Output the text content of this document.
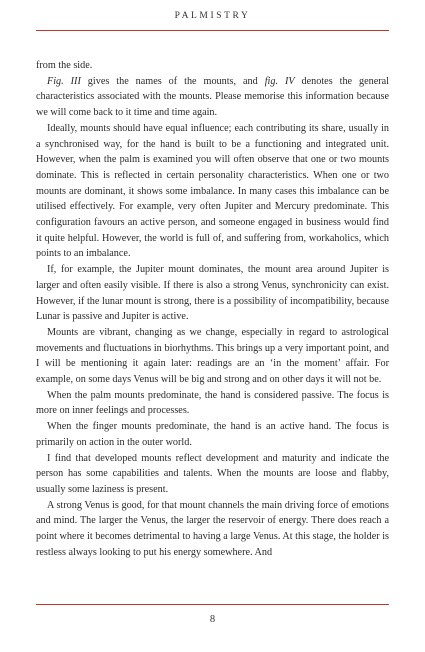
PALMISTRY

from the side.

Fig. III gives the names of the mounts, and fig. IV denotes the general characteristics associated with the mounts. Please memorise this information because we will come back to it time and time again.

Ideally, mounts should have equal influence; each contributing its share, usually in a synchronised way, for the hand is built to be a functioning and integrated unit. However, when the palm is examined you will often observe that one or two mounts dominate. This is reflected in certain personality characteristics. When one or two mounts are dominant, it shows some imbalance. In many cases this imbalance can be utilised effectively. For example, very often Jupiter and Mercury predominate. This configuration favours an active person, and someone engaged in business would find it quite helpful. However, the world is full of, and suffering from, workaholics, which points to an imbalance.

If, for example, the Jupiter mount dominates, the mount area around Jupiter is larger and often easily visible. If there is also a strong Venus, synchronicity can exist. However, if the lunar mount is strong, there is a possibility of incompatibility, because Lunar is passive and Jupiter is active.

Mounts are vibrant, changing as we change, especially in regard to astrological movements and fluctuations in biorhythms. This brings up a very important point, and I will be mentioning it again later: readings are an ‘in the moment’ affair. For example, on some days Venus will be big and strong and on other days it will not be.

When the palm mounts predominate, the hand is considered passive. The focus is more on inner feelings and processes.

When the finger mounts predominate, the hand is an active hand. The focus is primarily on action in the outer world.

I find that developed mounts reflect development and maturity and indicate the person has some capabilities and talents. When the mounts are loose and flabby, usually some laziness is present.

A strong Venus is good, for that mount channels the main driving force of emotions and mind. The larger the Venus, the larger the reservoir of energy. There does reach a point where it becomes detrimental to having a large Venus. At this stage, the holder is restless always looking to put his energy somewhere. And

8
